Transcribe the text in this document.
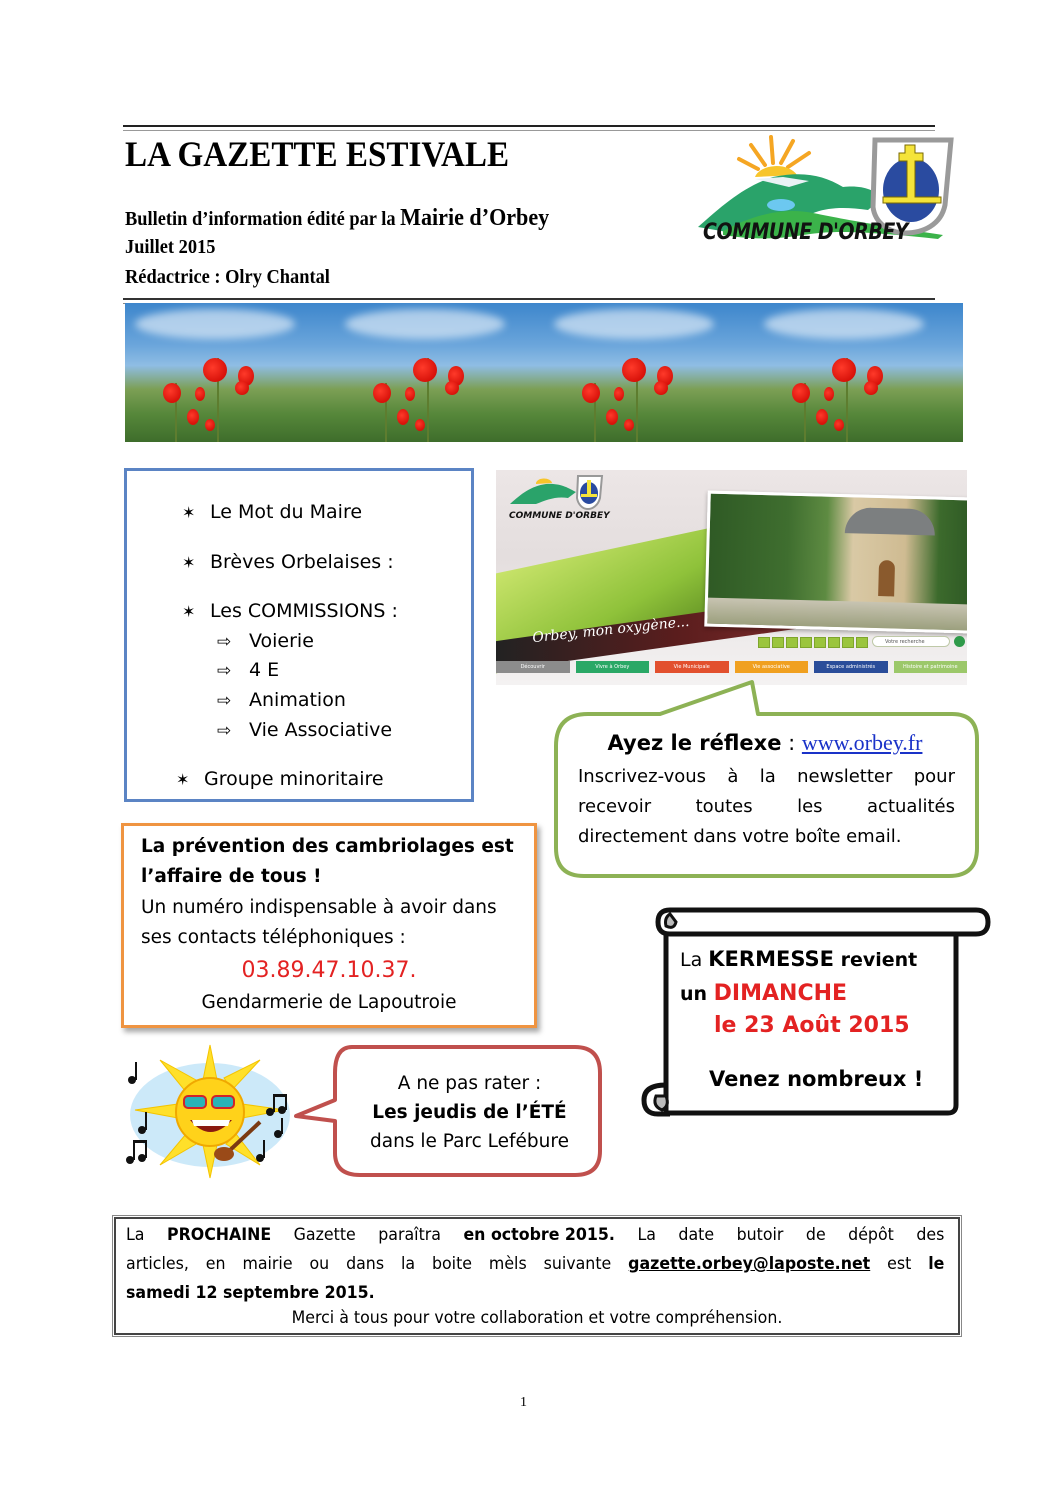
LA GAZETTE ESTIVALE
Bulletin d’information édité par la Mairie d’Orbey
Juillet 2015
Rédactrice : Olry Chantal
COMMUNE D'ORBEY
✶ Le Mot du Maire
✶ Brèves Orbelaises :
✶ Les COMMISSIONS :
⇨ Voierie
⇨ 4 E
⇨ Animation
⇨ Vie Associative
✶ Groupe minoritaire
Orbey, mon oxygène...
COMMUNE D'ORBEY
Votre recherche
Découvrir	Vivre à Orbey	Vie Municipale	Vie associative	Espace administrés	Histoire et patrimoine
Ayez le réflexe : www.orbey.fr
Inscrivez-vous à la newsletter pour
recevoir toutes les actualités
directement dans votre boîte email.
La prévention des cambriolages est
l’affaire de tous !
Un numéro indispensable à avoir dans
ses contacts téléphoniques :
03.89.47.10.37.
Gendarmerie de Lapoutroie
La KERMESSE revient
un DIMANCHE
le 23 Août 2015
Venez nombreux !
A ne pas rater :
Les jeudis de l’ÉTÉ
dans le Parc Lefébure
La PROCHAINE Gazette paraîtra en octobre 2015. La date butoir de dépôt des
articles, en mairie ou dans la boite mèls suivante gazette.orbey@laposte.net est le
samedi 12 septembre 2015.
Merci à tous pour votre collaboration et votre compréhension.
1
